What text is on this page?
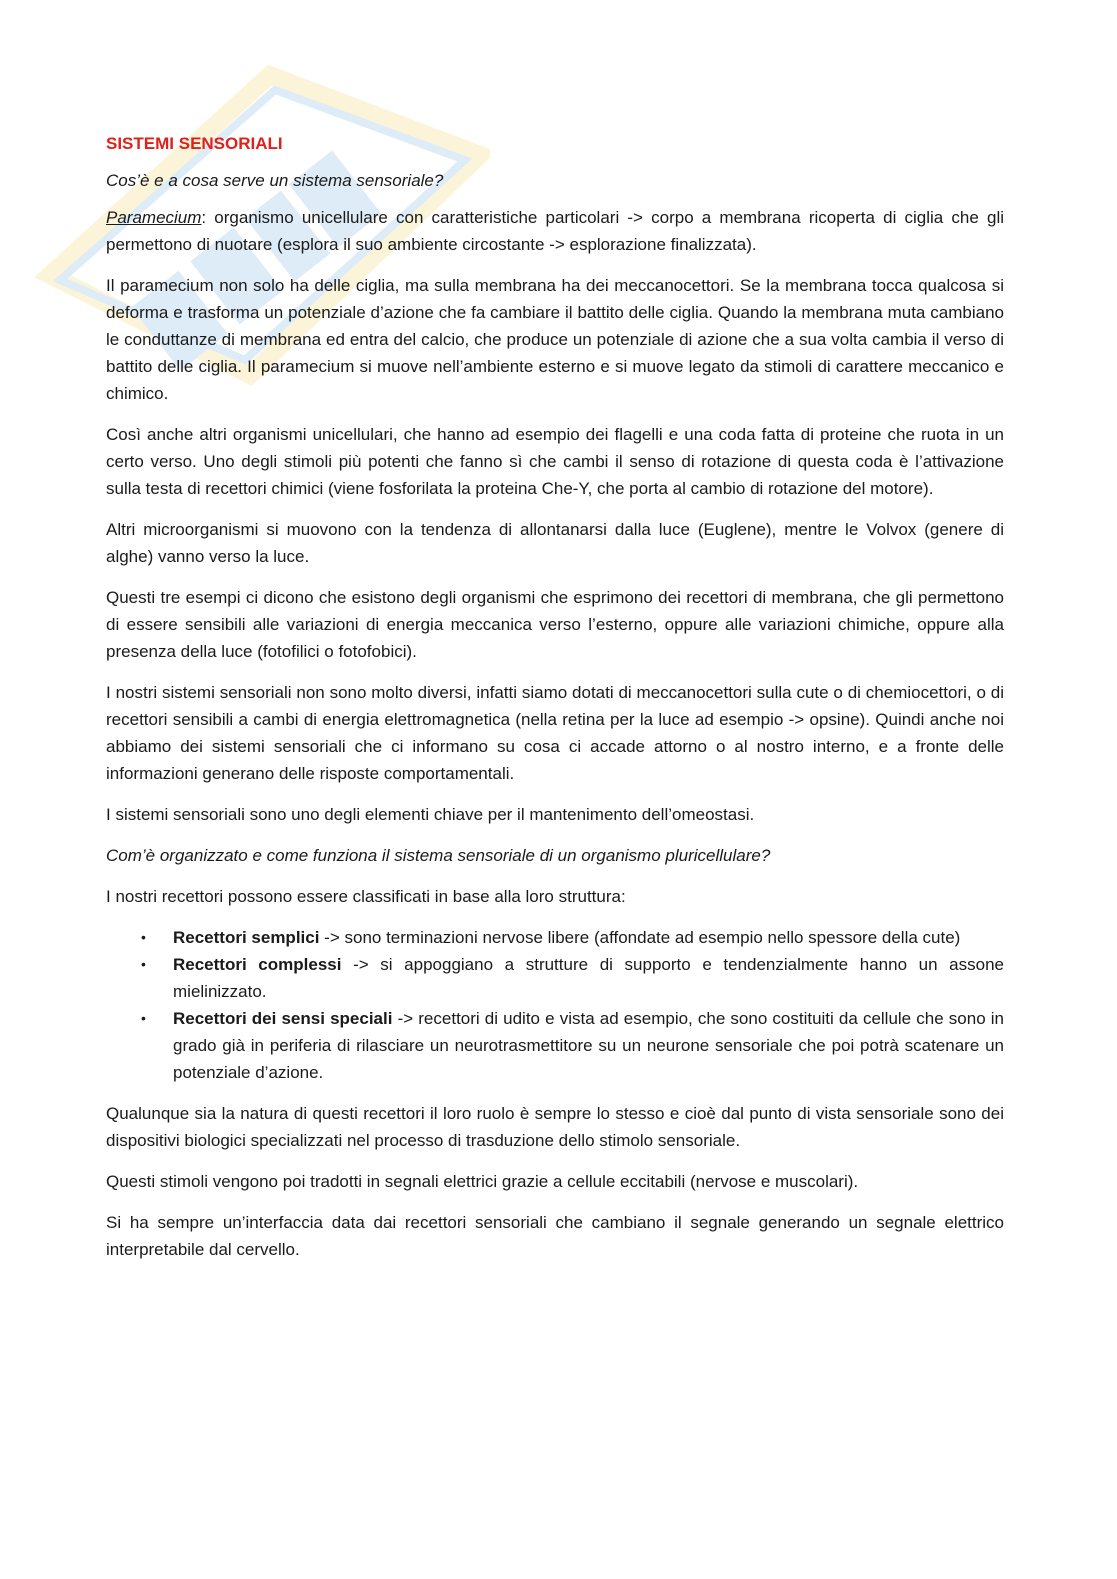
SISTEMI SENSORIALI
Cos’è e a cosa serve un sistema sensoriale?

Paramecium: organismo unicellulare con caratteristiche particolari -> corpo a membrana ricoperta di ciglia che gli permettono di nuotare (esplora il suo ambiente circostante -> esplorazione finalizzata).

Il paramecium non solo ha delle ciglia, ma sulla membrana ha dei meccanocettori. Se la membrana tocca qualcosa si deforma e trasforma un potenziale d’azione che fa cambiare il battito delle ciglia. Quando la membrana muta cambiano le conduttanze di membrana ed entra del calcio, che produce un potenziale di azione che a sua volta cambia il verso di battito delle ciglia. Il paramecium si muove nell’ambiente esterno e si muove legato da stimoli di carattere meccanico e chimico.

Così anche altri organismi unicellulari, che hanno ad esempio dei flagelli e una coda fatta di proteine che ruota in un certo verso. Uno degli stimoli più potenti che fanno sì che cambi il senso di rotazione di questa coda è l’attivazione sulla testa di recettori chimici (viene fosforilata la proteina Che-Y, che porta al cambio di rotazione del motore).

Altri microorganismi si muovono con la tendenza di allontanarsi dalla luce (Euglene), mentre le Volvox (genere di alghe) vanno verso la luce.

Questi tre esempi ci dicono che esistono degli organismi che esprimono dei recettori di membrana, che gli permettono di essere sensibili alle variazioni di energia meccanica verso l’esterno, oppure alle variazioni chimiche, oppure alla presenza della luce (fotofilici o fotofobici).

I nostri sistemi sensoriali non sono molto diversi, infatti siamo dotati di meccanocettori sulla cute o di chemiocettori, o di recettori sensibili a cambi di energia elettromagnetica (nella retina per la luce ad esempio -> opsine). Quindi anche noi abbiamo dei sistemi sensoriali che ci informano su cosa ci accade attorno o al nostro interno, e a fronte delle informazioni generano delle risposte comportamentali.

I sistemi sensoriali sono uno degli elementi chiave per il mantenimento dell’omeostasi.

Com’è organizzato e come funziona il sistema sensoriale di un organismo pluricellulare?

I nostri recettori possono essere classificati in base alla loro struttura:

• Recettori semplici -> sono terminazioni nervose libere (affondate ad esempio nello spessore della cute)
• Recettori complessi -> si appoggiano a strutture di supporto e tendenzialmente hanno un assone mielinizzato.
• Recettori dei sensi speciali -> recettori di udito e vista ad esempio, che sono costituiti da cellule che sono in grado già in periferia di rilasciare un neurotrasmettitore su un neurone sensoriale che poi potrà scatenare un potenziale d’azione.

Qualunque sia la natura di questi recettori il loro ruolo è sempre lo stesso e cioè dal punto di vista sensoriale sono dei dispositivi biologici specializzati nel processo di trasduzione dello stimolo sensoriale.

Questi stimoli vengono poi tradotti in segnali elettrici grazie a cellule eccitabili (nervose e muscolari).

Si ha sempre un’interfaccia data dai recettori sensoriali che cambiano il segnale generando un segnale elettrico interpretabile dal cervello.
